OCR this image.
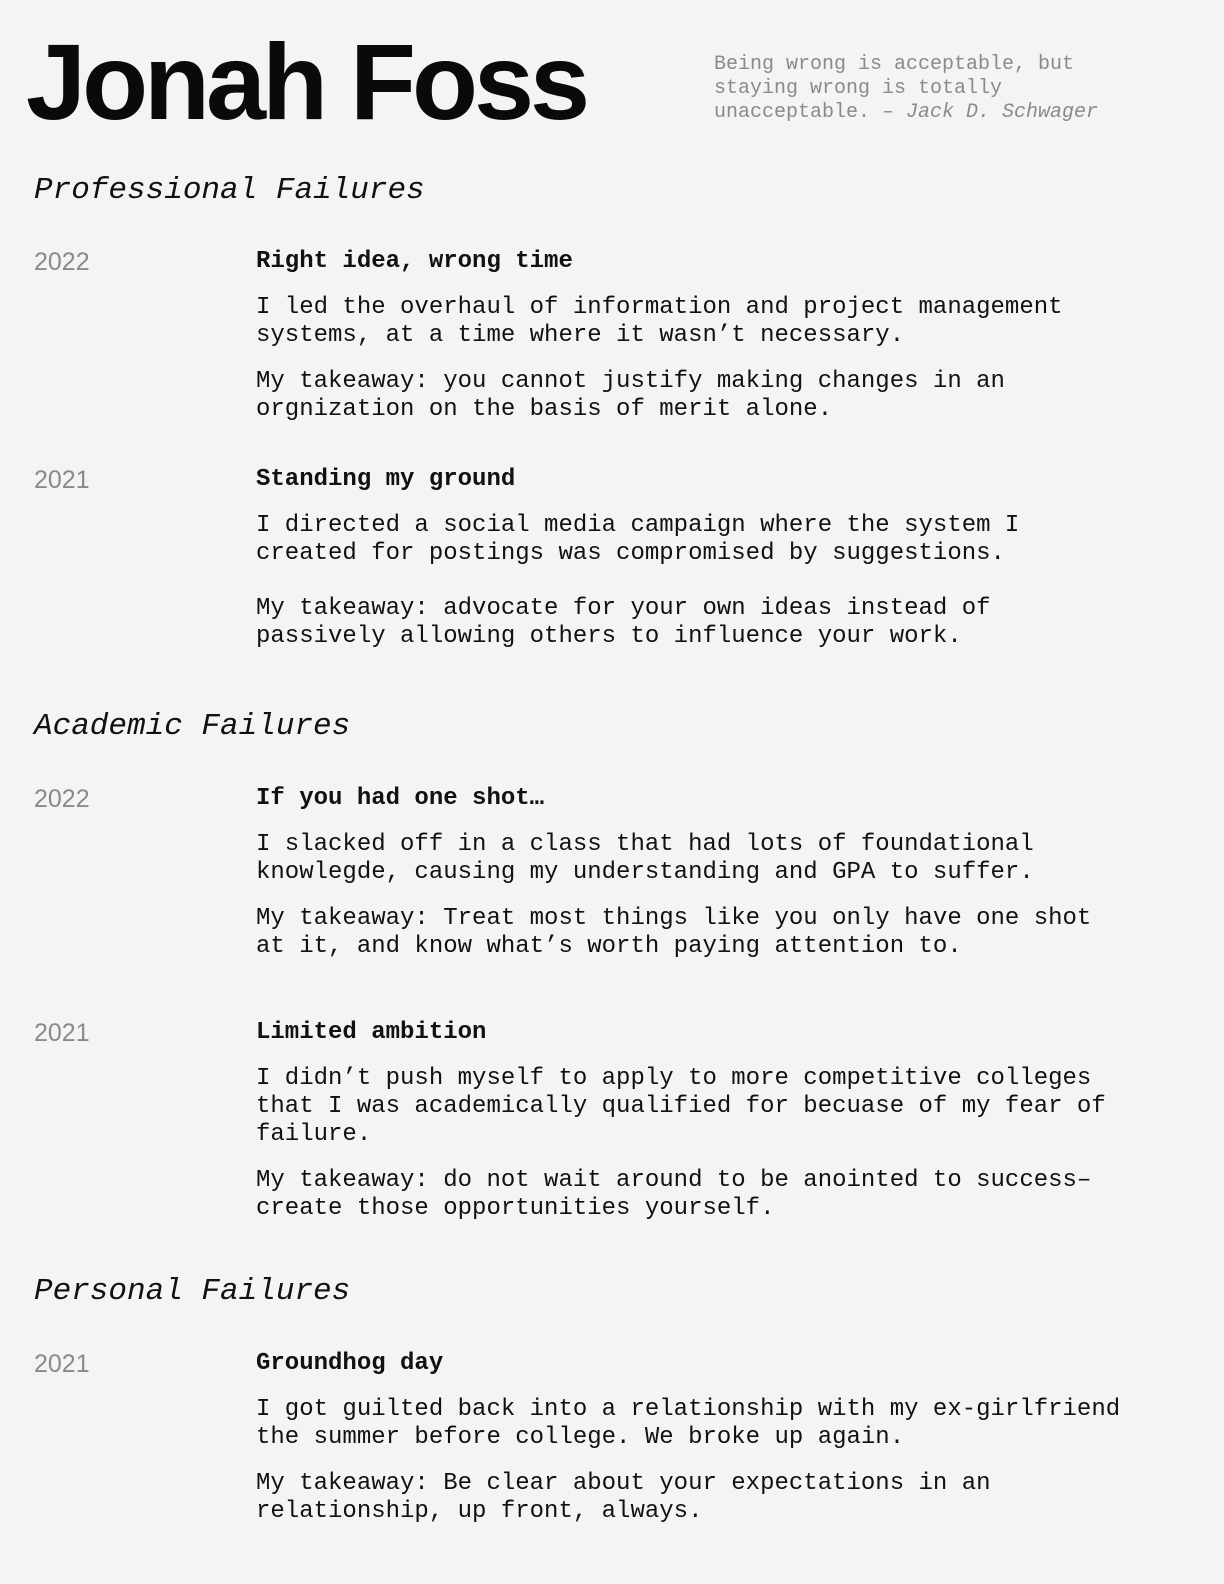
Jonah Foss	Being wrong is acceptable, but
staying wrong is totally
unacceptable. – Jack D. Schwager

Professional Failures
2022	Right idea, wrong time

I led the overhaul of information and project management
systems, at a time where it wasn’t necessary.

My takeaway: you cannot justify making changes in an
orgnization on the basis of merit alone.

2021	Standing my ground

I directed a social media campaign where the system I
created for postings was compromised by suggestions.

My takeaway: advocate for your own ideas instead of
passively allowing others to influence your work.

Academic Failures
2022	If you had one shot…

I slacked off in a class that had lots of foundational
knowlegde, causing my understanding and GPA to suffer.

My takeaway: Treat most things like you only have one shot
at it, and know what’s worth paying attention to.

2021	Limited ambition

I didn’t push myself to apply to more competitive colleges
that I was academically qualified for becuase of my fear of
failure.

My takeaway: do not wait around to be anointed to success–
create those opportunities yourself.

Personal Failures
2021	Groundhog day

I got guilted back into a relationship with my ex-girlfriend
the summer before college. We broke up again.

My takeaway: Be clear about your expectations in an
relationship, up front, always.
